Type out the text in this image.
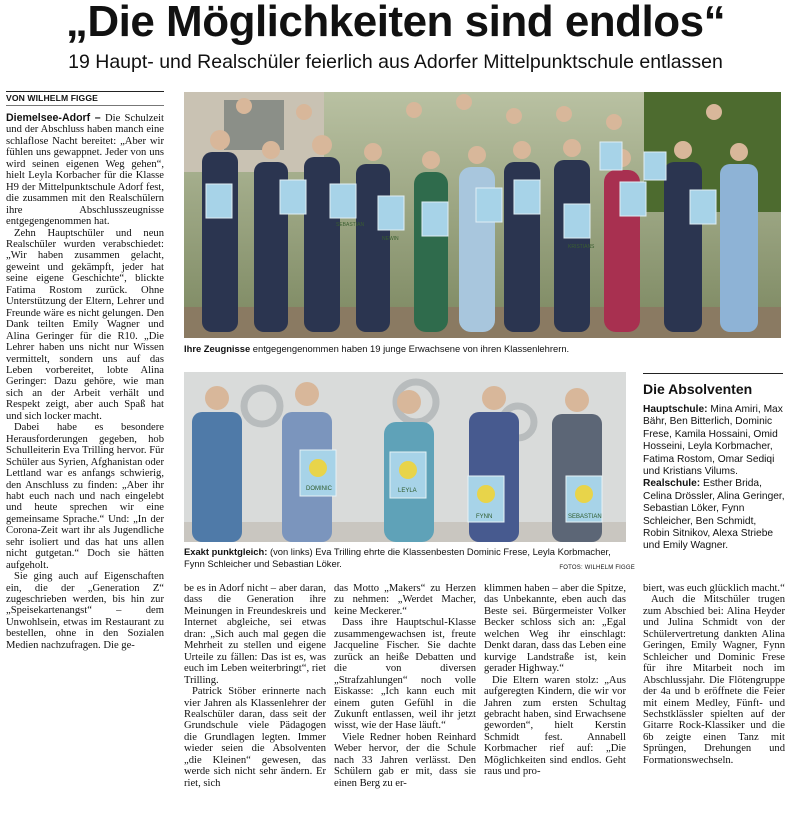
„Die Möglichkeiten sind endlos“
19 Haupt- und Realschüler feierlich aus Adorfer Mittelpunktschule entlassen
VON WILHELM FIGGE

Diemelsee-Adorf – Die Schulzeit und der Abschluss haben manch eine schlaflose Nacht bereitet: „Aber wir fühlen uns gewappnet. Jeder von uns wird seinen eigenen Weg gehen“, hielt Leyla Korbacher für die Klasse H9 der Mittelpunktschule Adorf fest, die zusammen mit den Realschülern ihre Abschlusszeugnisse entgegengenommen hat.

Zehn Hauptschüler und neun Realschüler wurden verabschiedet: „Wir haben zusammen gelacht, geweint und gekämpft, jeder hat seine eigene Geschichte“, blickte Fatima Rostom zurück. Ohne Unterstützung der Eltern, Lehrer und Freunde wäre es nicht gelungen. Den Dank teilten Emily Wagner und Alina Geringer für die R10. „Die Lehrer haben uns nicht nur Wissen vermittelt, sondern uns auf das Leben vorbereitet, lobte Alina Geringer: Dazu gehöre, wie man sich an der Arbeit verhält und Respekt zeigt, aber auch Spaß hat und sich locker macht.

Dabei habe es besondere Herausforderungen gegeben, hob Schulleiterin Eva Trilling hervor. Für Schüler aus Syrien, Afghanistan oder Lettland war es anfangs schwierig, den Anschluss zu finden: „Aber ihr habt euch nach und nach eingelebt und heute sprechen wir eine gemeinsame Sprache.“ Und: „In der Corona-Zeit wart ihr als Jugendliche sehr isoliert und das hat uns allen nicht gutgetan.“ Doch sie hätten aufgeholt.

Sie ging auch auf Eigenschaften ein, die der „Generation Z“ zugeschrieben werden, bis hin zur „Speisekartenangst“ – dem Unwohlsein, etwas im Restaurant zu bestellen, ohne in den Sozialen Medien nachzufragen. Die ge-

SEBASTIAN
NEWIN
KRISTIANS
Ihre Zeugnisse entgegengenommen haben 19 junge Erwachsene von ihren Klassenlehrern.
DOMINIC	LEYLA
FYNN	SEBASTIAN
Exakt punktgleich: (von links) Eva Trilling ehrte die Klassenbesten Dominic Frese, Leyla Korbmacher, Fynn Schleicher und Sebastian Löker.	FOTOS: WILHELM FIGGE
Die Absolventen

Hauptschule: Mina Amiri, Max Bähr, Ben Bitterlich, Dominic Frese, Kamila Hossaini, Omid Hosseini, Leyla Korbmacher, Fatima Rostom, Omar Sediqi und Kristians Vilums.

Realschule: Esther Brida, Celina Drössler, Alina Geringer, Sebastian Löker, Fynn Schleicher, Ben Schmidt, Robin Sitnikov, Alexa Striebe und Emily Wagner.

be es in Adorf nicht – aber daran, dass die Generation ihre Meinungen in Freundeskreis und Internet abgleiche, sei etwas dran: „Sich auch mal gegen die Mehrheit zu stellen und eigene Urteile zu fällen: Das ist es, was euch im Leben weiterbringt“, riet Trilling.

Patrick Stöber erinnerte nach vier Jahren als Klassenlehrer der Realschüler daran, dass seit der Grundschule viele Pädagogen die Grundlagen legten. Immer wieder seien die Absolventen „die Kleinen“ gewesen, das werde sich nicht sehr ändern. Er riet, sich

das Motto „Makers“ zu Herzen zu nehmen: „Werdet Macher, keine Meckerer.“

Dass ihre Hauptschul-Klasse zusammengewachsen ist, freute Jacqueline Fischer. Sie dachte zurück an heiße Debatten und die von diversen „Strafzahlungen“ noch volle Eiskasse: „Ich kann euch mit einem guten Gefühl in die Zukunft entlassen, weil ihr jetzt wisst, wie der Hase läuft.“

Viele Redner hoben Reinhard Weber hervor, der die Schule nach 33 Jahren verlässt. Den Schülern gab er mit, dass sie einen Berg zu er-

klimmen haben – aber die Spitze, das Unbekannte, eben auch das Beste sei. Bürgermeister Volker Becker schloss sich an: „Egal welchen Weg ihr einschlagt: Denkt daran, dass das Leben eine kurvige Landstraße ist, kein gerader Highway.“

Die Eltern waren stolz: „Aus aufgeregten Kindern, die wir vor Jahren zum ersten Schultag gebracht haben, sind Erwachsene geworden“, hielt Kerstin Schmidt fest. Annabell Korbmacher rief auf: „Die Möglichkeiten sind endlos. Geht raus und pro-

biert, was euch glücklich macht.“

Auch die Mitschüler trugen zum Abschied bei: Alina Heyder und Julina Schmidt von der Schülervertretung dankten Alina Geringen, Emily Wagner, Fynn Schleicher und Dominic Frese für ihre Mitarbeit noch im Abschlussjahr. Die Flötengruppe der 4a und b eröffnete die Feier mit einem Medley, Fünft- und Sechstklässler spielten auf der Gitarre Rock-Klassiker und die 6b zeigte einen Tanz mit Sprüngen, Drehungen und Formationswechseln.
